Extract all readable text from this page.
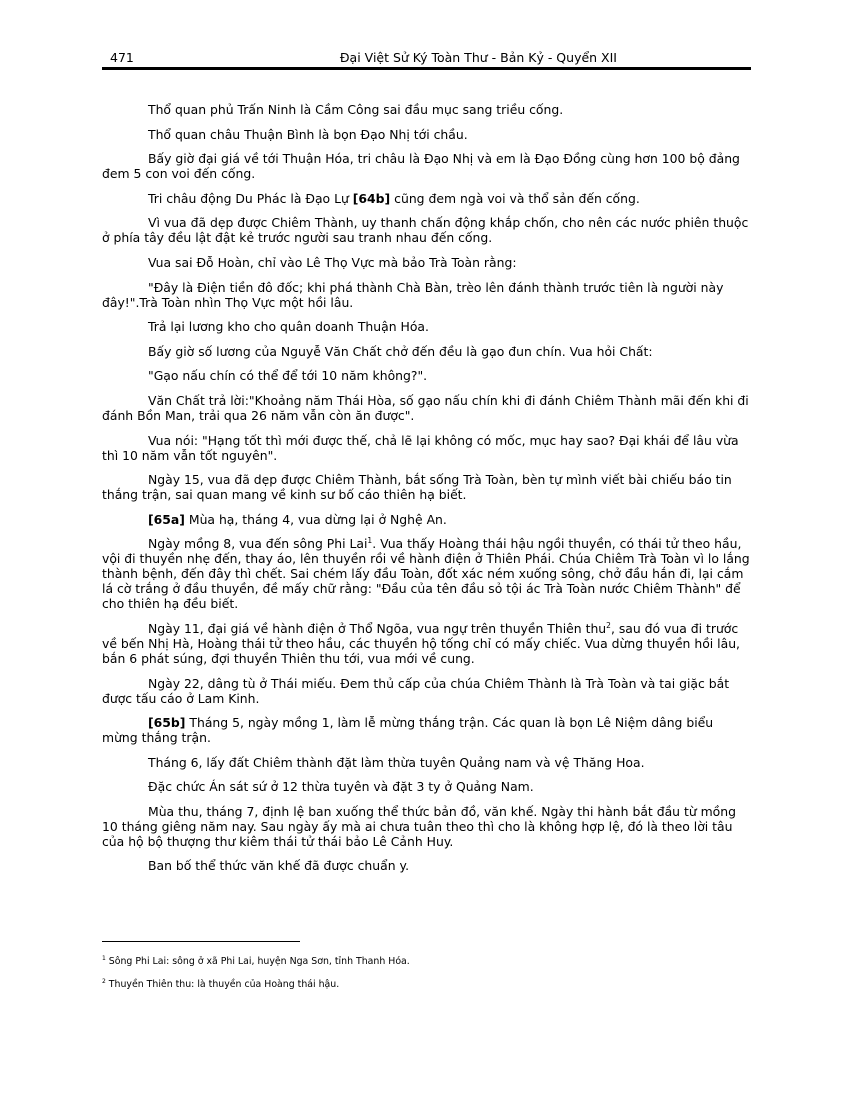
471	Đại Việt Sử Ký Toàn Thư - Bản Kỷ - Quyển XII

Thổ quan phủ Trấn Ninh là Cầm Công sai đầu mục sang triều cống.

Thổ quan châu Thuận Bình là bọn Đạo Nhị tới chầu.

Bấy giờ đại giá về tới Thuận Hóa, tri châu là Đạo Nhị và em là Đạo Đồng cùng hơn 100 bộ đảng đem 5 con voi đến cống.

Tri châu động Du Phác là Đạo Lự [64b] cũng đem ngà voi và thổ sản đến cống.

Vì vua đã dẹp được Chiêm Thành, uy thanh chấn động khắp chốn, cho nên các nước phiên thuộc ở phía tây đều lật đật kẻ trước người sau tranh nhau đến cống.

Vua sai Đỗ Hoàn, chỉ vào Lê Thọ Vực mà bảo Trà Toàn rằng:

"Đây là Điện tiền đô đốc; khi phá thành Chà Bàn, trèo lên đánh thành trước tiên là người này đây!".Trà Toàn nhìn Thọ Vực một hồi lâu.

Trả lại lương kho cho quân doanh Thuận Hóa.

Bấy giờ số lương của Nguyễ Văn Chất chở đến đều là gạo đun chín. Vua hỏi Chất:

"Gạo nấu chín có thể để tới 10 năm không?".

Văn Chất trả lời:"Khoảng năm Thái Hòa, số gạo nấu chín khi đi đánh Chiêm Thành mãi đến khi đi đánh Bồn Man, trải qua 26 năm vẫn còn ăn được".

Vua nói: "Hạng tốt thì mới được thế, chả lẽ lại không có mốc, mục hay sao? Đại khái để lâu vừa thì 10 năm vẫn tốt nguyên".

Ngày 15, vua đã dẹp được Chiêm Thành, bắt sống Trà Toàn, bèn tự mình viết bài chiếu báo tin thắng trận, sai quan mang về kinh sư bố cáo thiên hạ biết.

[65a] Mùa hạ, tháng 4, vua dừng lại ở Nghệ An.

Ngày mồng 8, vua đến sông Phi Lai$^1$. Vua thấy Hoàng thái hậu ngồi thuyền, có thái tử theo hầu, vội đi thuyền nhẹ đến, thay áo, lên thuyền rồi về hành điện ở Thiên Phái. Chúa Chiêm Trà Toàn vì lo lắng thành bệnh, đến đây thì chết. Sai chém lấy đầu Toàn, đốt xác ném xuống sông, chở đầu hắn đi, lại cắm lá cờ trắng ở đầu thuyền, đề mấy chữ rằng: "Đầu của tên đầu sỏ tội ác Trà Toàn nước Chiêm Thành" để cho thiên hạ đều biết.

Ngày 11, đại giá về hành điện ở Thổ Ngõa, vua ngự trên thuyền Thiên thu$^2$, sau đó vua đi trước về bến Nhị Hà, Hoàng thái tử theo hầu, các thuyền hộ tống chỉ có mấy chiếc. Vua dừng thuyền hồi lâu, bắn 6 phát súng, đợi thuyền Thiên thu tới, vua mới về cung.

Ngày 22, dâng tù ở Thái miếu. Đem thủ cấp của chúa Chiêm Thành là Trà Toàn và tai giặc bắt được tấu cáo ở Lam Kinh.

[65b] Tháng 5, ngày mồng 1, làm lễ mừng thắng trận. Các quan là bọn Lê Niệm dâng biểu mừng thắng trận.

Tháng 6, lấy đất Chiêm thành đặt làm thừa tuyên Quảng nam và vệ Thăng Hoa.

Đặc chức Án sát sứ ở 12 thừa tuyên và đặt 3 ty ở Quảng Nam.

Mùa thu, tháng 7, định lệ ban xuống thể thức bản đồ, văn khế. Ngày thi hành bắt đầu từ mồng 10 tháng giêng năm nay. Sau ngày ấy mà ai chưa tuân theo thì cho là không hợp lệ, đó là theo lời tâu của hộ bộ thượng thư kiêm thái tử thái bảo Lê Cảnh Huy.

Ban bố thể thức văn khế đã được chuẩn y.

$^1$ Sông Phi Lai: sông ở xã Phi Lai, huyện Nga Sơn, tỉnh Thanh Hóa.
$^2$ Thuyền Thiên thu: là thuyền của Hoàng thái hậu.
